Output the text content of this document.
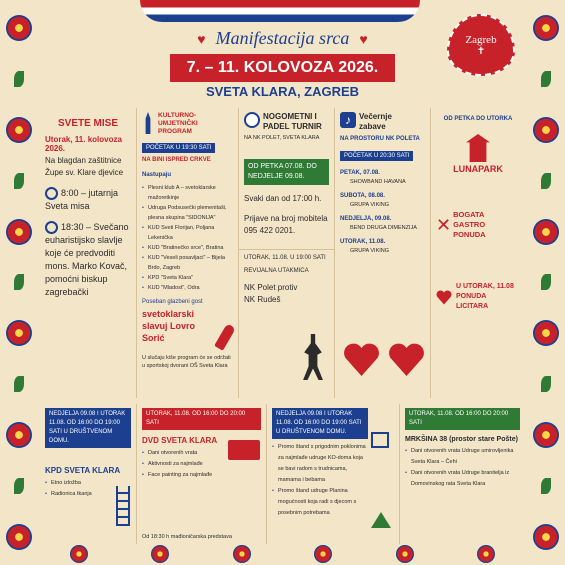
♥ Manifestacija srca ♥
7. – 11. KOLOVOZA 2026.
SVETA KLARA, ZAGREB
Zagreb
✝
SVETE MISE
Utorak, 11. kolovoza 2026.
Na blagdan zaštitnice Župe sv. Klare djevice
8:00 – jutarnja Sveta misa
18:30 – Svečano euharistijsko slavlje koje će predvoditi mons. Marko Kovač, pomoćni biskup zagrebački
KULTURNO-UMJETNIČKI PROGRAM
POČETAK U 19:30 SATI
NA BINI ISPRED CRKVE
Nastupaju
• Plesni klub A – svetoklarske mažoretkinje
• Udruga Podsusečki plemenitaši, plesna skupina "SIDONIJA"
• KUD Sveti Florijan, Poljana Lekenička
• KUD "Bratinečko srce", Bratina
• KUD "Veseli posavljaci" – Bijela Brdo, Zagreb
• KPD "Sveta Klara"
• KUD "Mladost", Odra
Poseban glazbeni gost
svetoklarski slavuj Lovro Sorić
U slučaju kiše program će se održati u sportskoj dvorani OŠ Sveta Klara
NOGOMETNI I PADEL TURNIR
NA NK POLET, SVETA KLARA
OD PETKA 07.08. DO NEDJELJE 09.08.
Svaki dan od 17:00 h.
Prijave na broj mobitela 095 422 0201.
UTORAK, 11.08. U 19:00 SATI
REVIJALNA UTAKMICA
NK Polet protiv NK Rudeš
♪ Večernje zabave
NA PROSTORU NK POLETA
POČETAK U 20:30 SATI
PETAK, 07.08.
SHOWBAND HAVANA
SUBOTA, 08.08.
GRUPA VIKING
NEDJELJA, 09.08.
BEND DRUGA DIMENZIJA
UTORAK, 11.08.
GRUPA VIKING
OD PETKA DO UTORKA
LUNAPARK
✕ BOGATA GASTRO PONUDA
U UTORAK, 11.08 PONUDA LICITARA
NEDJELJA 09.08 I UTORAK 11.08. OD 16:00 DO 19:00 SATI U DRUŠTVENOM DOMU.
KPD SVETA KLARA
• Etno izložba
• Radionica tkanja
UTORAK, 11.08. OD 16:00 DO 20:00 SATI
DVD SVETA KLARA
• Dani otvorenih vrata
• Aktivnosti za najmlađe
• Face painting za najmlađe
Od 18:30 h mađioničarska predstava
NEDJELJA 09.08 I UTORAK 11.08. OD 16:00 DO 19:00 SATI U DRUŠTVENOM DOMU.
• Promo štand s prigodnim poklonima za najmlađe udruge KO-doma koja se bavi radom s trudnicama, mamama i bebama
• Promo štand udruge Planina mogućnosti koja radi s djecom s posebnim potrebama
UTORAK, 11.08. OD 16:00 DO 20:00 SATI
MRKŠINA 38 (prostor stare Pošte)
• Dani otvorenih vrata Udruge umirovljenika Sveta Klara – Čehi
• Dani otvorenih vrata Udruge branitelja iz Domovinskog rata Sveta Klara
